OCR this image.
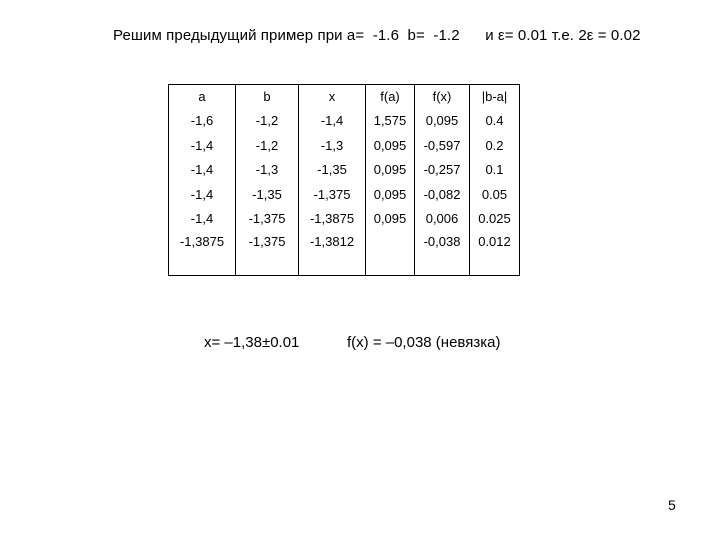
Решим предыдущий пример при а=  -1.6  b=  -1.2      и ε= 0.01 т.е. 2ε = 0.02
a	b	x	f(a)	f(x)	|b-a|
-1,6	-1,2	-1,4	1,575	0,095	0.4
-1,4	-1,2	-1,3	0,095	-0,597	0.2
-1,4	-1,3	-1,35	0,095	-0,257	0.1
-1,4	-1,35	-1,375	0,095	-0,082	0.05
-1,4	-1,375	-1,3875	0,095	0,006	0.025
-1,3875	-1,375	-1,3812		-0,038	0.012

x= –1,38±0.01	f(x) = –0,038 (невязка)
5
